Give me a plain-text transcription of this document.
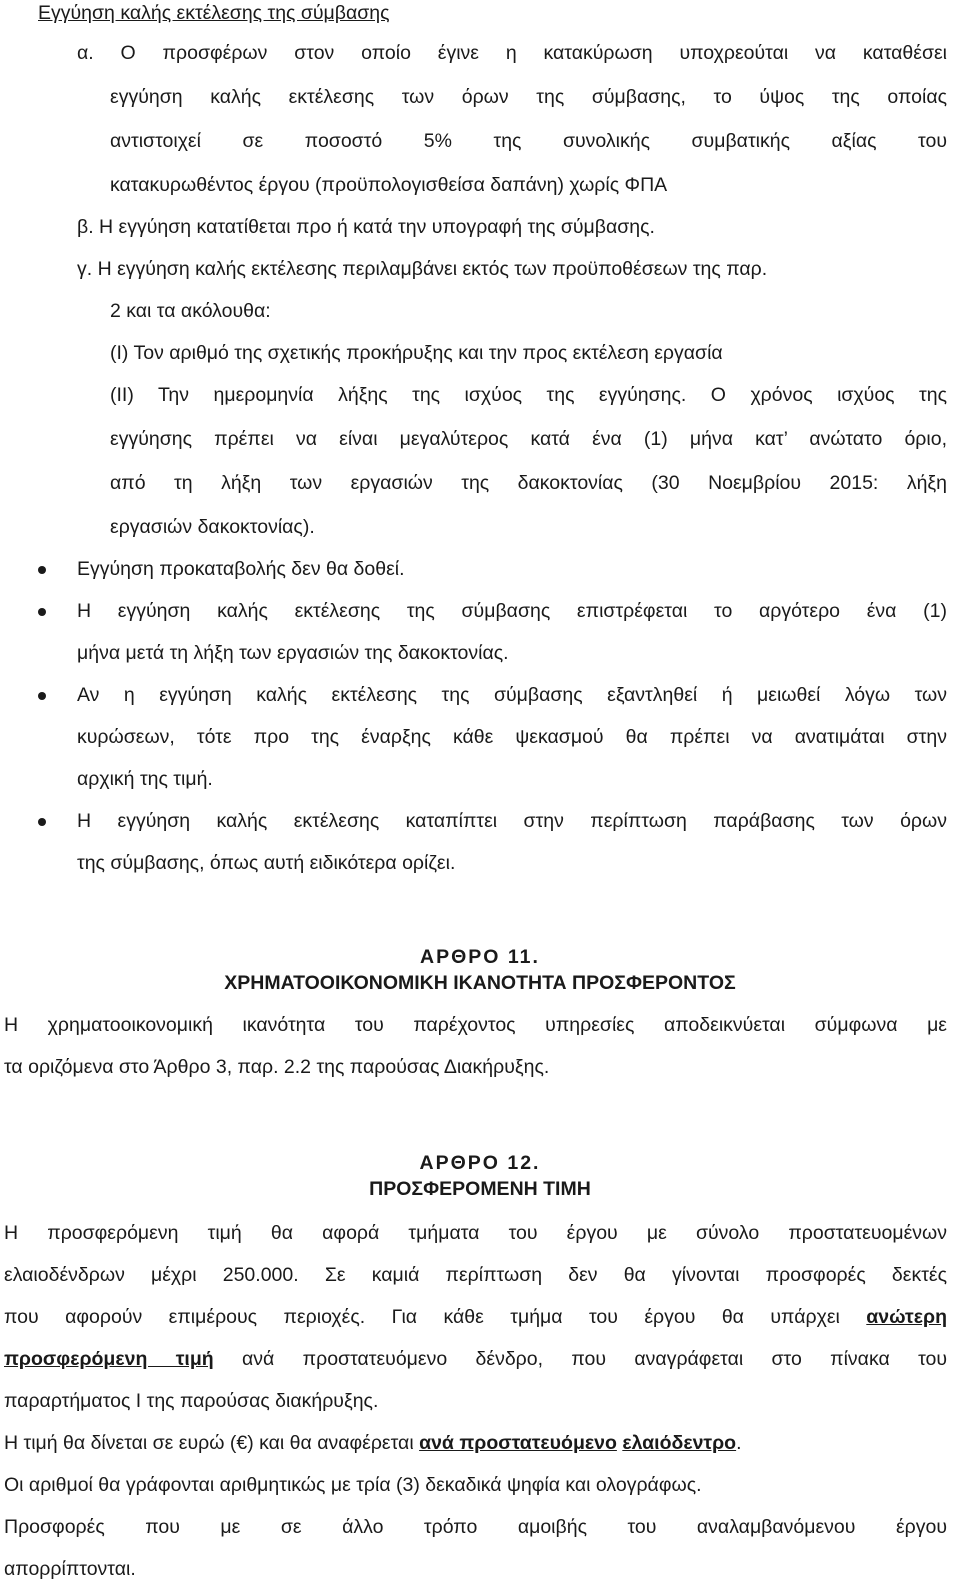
Εγγύηση καλής εκτέλεσης της σύμβασης
α. Ο προσφέρων στον οποίο έγινε η κατακύρωση υποχρεούται να καταθέσει
εγγύηση καλής εκτέλεσης των όρων της σύμβασης, το ύψος της οποίας
αντιστοιχεί σε ποσοστό 5% της συνολικής συμβατικής αξίας του
κατακυρωθέντος έργου (προϋπολογισθείσα δαπάνη) χωρίς ΦΠΑ
β. Η εγγύηση κατατίθεται προ ή κατά την υπογραφή της σύμβασης.
γ. Η εγγύηση καλής εκτέλεσης περιλαμβάνει εκτός των προϋποθέσεων της παρ.
2 και τα ακόλουθα:
(Ι) Τον αριθμό της σχετικής προκήρυξης και την προς εκτέλεση εργασία
(ΙΙ) Την ημερομηνία λήξης της ισχύος της εγγύησης. Ο χρόνος ισχύος της
εγγύησης πρέπει να είναι μεγαλύτερος κατά ένα (1) μήνα κατ’ ανώτατο όριο,
από τη λήξη των εργασιών της δακοκτονίας (30 Νοεμβρίου 2015: λήξη
εργασιών δακοκτονίας).
Εγγύηση προκαταβολής δεν θα δοθεί.
Η εγγύηση καλής εκτέλεσης της σύμβασης επιστρέφεται το αργότερο ένα (1)
μήνα μετά τη λήξη των εργασιών της δακοκτονίας.
Αν η εγγύηση καλής εκτέλεσης της σύμβασης εξαντληθεί ή μειωθεί λόγω των
κυρώσεων, τότε προ της έναρξης κάθε ψεκασμού θα πρέπει να ανατιμάται στην
αρχική της τιμή.
Η εγγύηση καλής εκτέλεσης καταπίπτει στην περίπτωση παράβασης των όρων
της σύμβασης, όπως αυτή ειδικότερα ορίζει.
ΑΡΘΡΟ 11.
ΧΡΗΜΑΤΟΟΙΚΟΝΟΜΙΚΗ ΙΚΑΝΟΤΗΤΑ ΠΡΟΣΦΕΡΟΝΤΟΣ
Η χρηματοοικονομική ικανότητα του παρέχοντος υπηρεσίες αποδεικνύεται σύμφωνα με
τα οριζόμενα στο Άρθρο 3, παρ. 2.2 της παρούσας Διακήρυξης.
ΑΡΘΡΟ 12.
ΠΡΟΣΦΕΡΟΜΕΝΗ ΤΙΜΗ
Η προσφερόμενη τιμή θα αφορά τμήματα του έργου με σύνολο προστατευομένων
ελαιοδένδρων μέχρι 250.000. Σε καμιά περίπτωση δεν θα γίνονται προσφορές δεκτές
που αφορούν επιμέρους περιοχές. Για κάθε τμήμα του έργου θα υπάρχει ανώτερη
προσφερόμενη τιμή ανά προστατευόμενο δένδρο, που αναγράφεται στο πίνακα του
παραρτήματος Ι της παρούσας διακήρυξης.
Η τιμή θα δίνεται σε ευρώ (€) και θα αναφέρεται ανά προστατευόμενο ελαιόδεντρο.
Οι αριθμοί θα γράφονται αριθμητικώς με τρία (3) δεκαδικά ψηφία και ολογράφως.
Προσφορές που με σε άλλο τρόπο αμοιβής του αναλαμβανόμενου έργου
απορρίπτονται.
